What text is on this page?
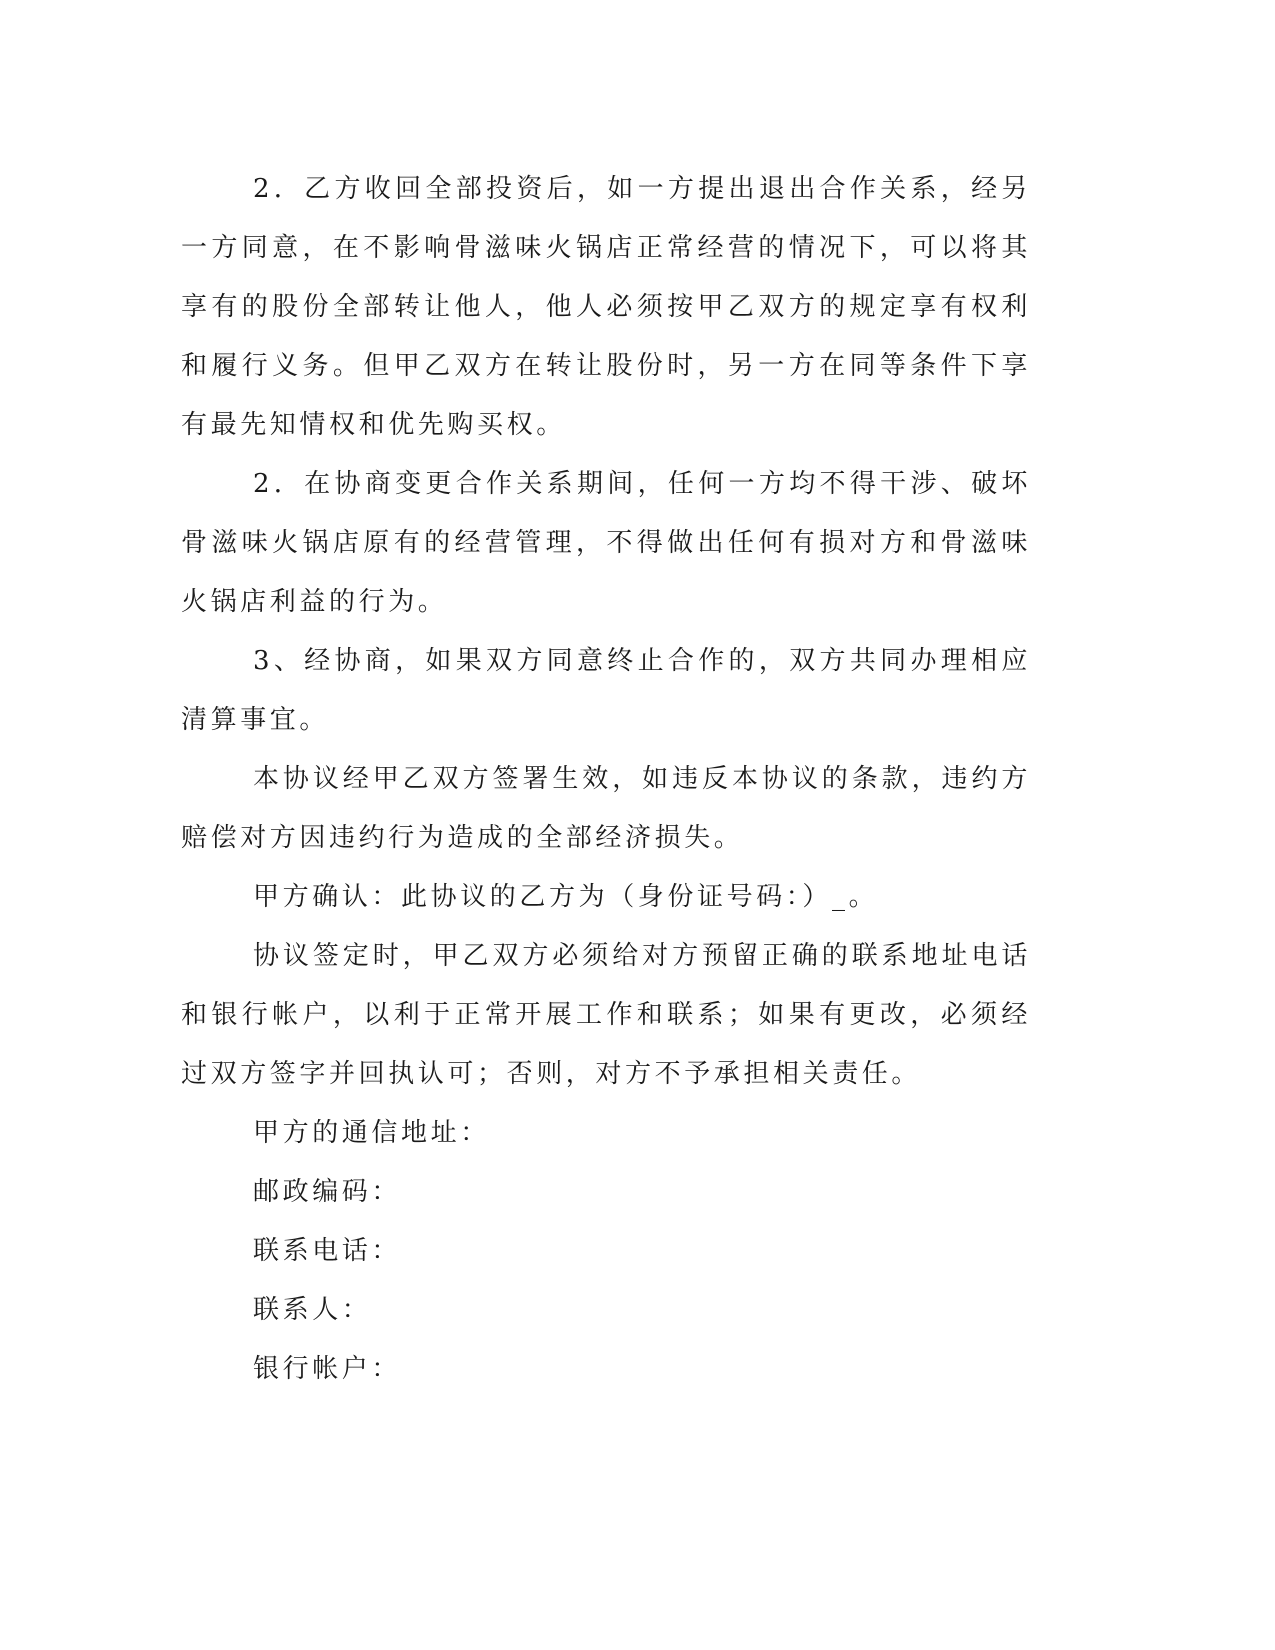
2．乙方收回全部投资后，如一方提出退出合作关系，经另一方同意，在不影响骨滋味火锅店正常经营的情况下，可以将其享有的股份全部转让他人，他人必须按甲乙双方的规定享有权利和履行义务。但甲乙双方在转让股份时，另一方在同等条件下享有最先知情权和优先购买权。

2．在协商变更合作关系期间，任何一方均不得干涉、破坏骨滋味火锅店原有的经营管理，不得做出任何有损对方和骨滋味火锅店利益的行为。

3、经协商，如果双方同意终止合作的，双方共同办理相应清算事宜。

本协议经甲乙双方签署生效，如违反本协议的条款，违约方赔偿对方因违约行为造成的全部经济损失。

甲方确认：此协议的乙方为（身份证号码：）_。

协议签定时，甲乙双方必须给对方预留正确的联系地址电话和银行帐户，以利于正常开展工作和联系；如果有更改，必须经过双方签字并回执认可；否则，对方不予承担相关责任。

甲方的通信地址：

邮政编码：

联系电话：

联系人：

银行帐户：
